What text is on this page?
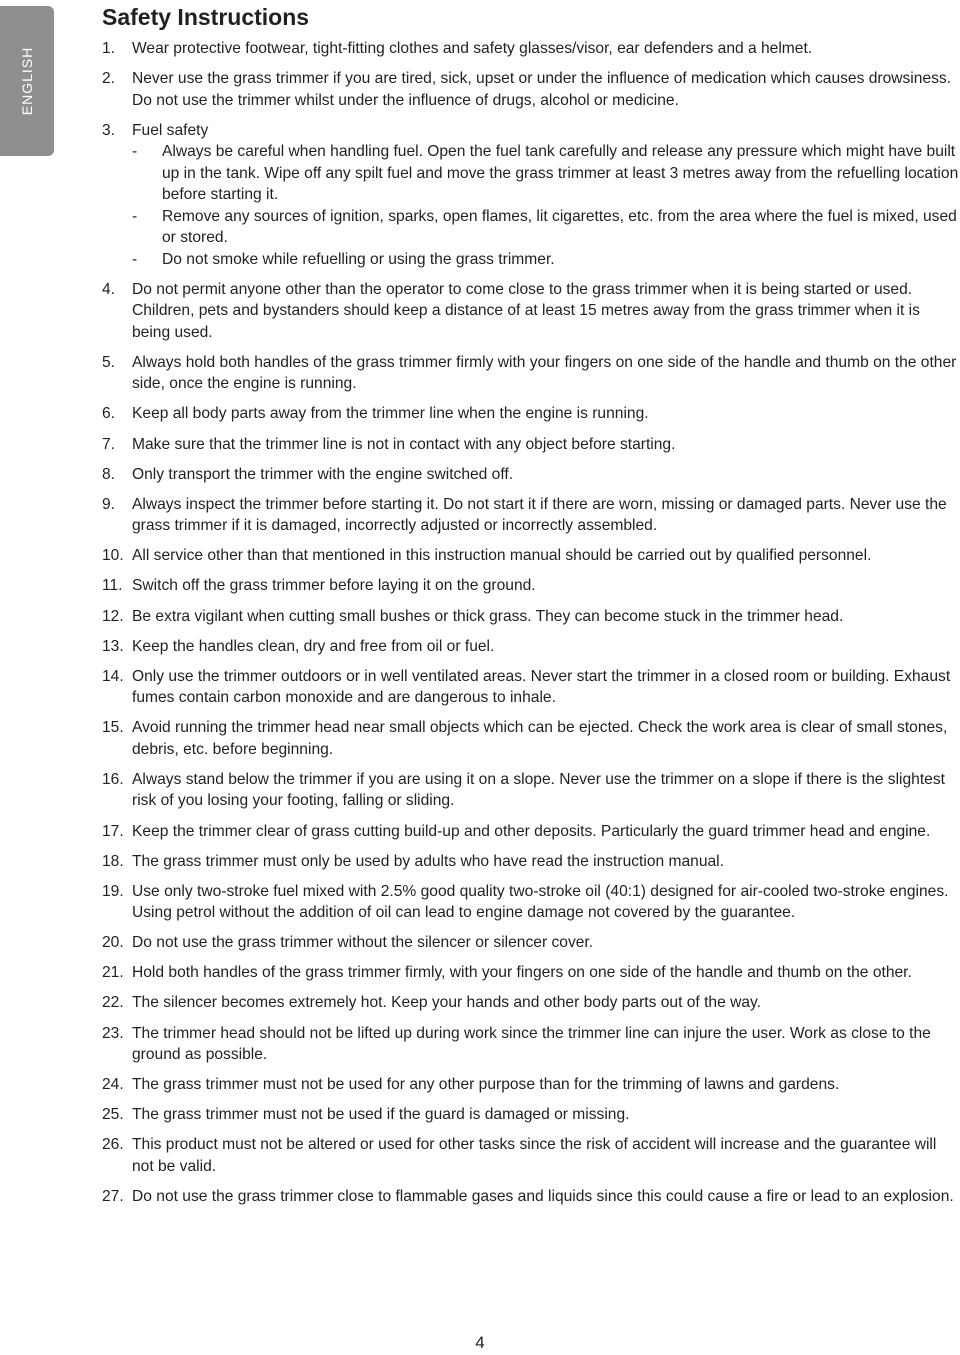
ENGLISH
Safety Instructions
1. Wear protective footwear, tight-fitting clothes and safety glasses/visor, ear defenders and a helmet.
2. Never use the grass trimmer if you are tired, sick, upset or under the influence of medication which causes drowsiness. Do not use the trimmer whilst under the influence of drugs, alcohol or medicine.
3. Fuel safety
- Always be careful when handling fuel. Open the fuel tank carefully and release any pressure which might have built up in the tank. Wipe off any spilt fuel and move the grass trimmer at least 3 metres away from the refuelling location before starting it.
- Remove any sources of ignition, sparks, open flames, lit cigarettes, etc. from the area where the fuel is mixed, used or stored.
- Do not smoke while refuelling or using the grass trimmer.
4. Do not permit anyone other than the operator to come close to the grass trimmer when it is being started or used. Children, pets and bystanders should keep a distance of at least 15 metres away from the grass trimmer when it is being used.
5. Always hold both handles of the grass trimmer firmly with your fingers on one side of the handle and thumb on the other side, once the engine is running.
6. Keep all body parts away from the trimmer line when the engine is running.
7. Make sure that the trimmer line is not in contact with any object before starting.
8. Only transport the trimmer with the engine switched off.
9. Always inspect the trimmer before starting it. Do not start it if there are worn, missing or damaged parts. Never use the grass trimmer if it is damaged, incorrectly adjusted or incorrectly assembled.
10. All service other than that mentioned in this instruction manual should be carried out by qualified personnel.
11. Switch off the grass trimmer before laying it on the ground.
12. Be extra vigilant when cutting small bushes or thick grass. They can become stuck in the trimmer head.
13. Keep the handles clean, dry and free from oil or fuel.
14. Only use the trimmer outdoors or in well ventilated areas. Never start the trimmer in a closed room or building. Exhaust fumes contain carbon monoxide and are dangerous to inhale.
15. Avoid running the trimmer head near small objects which can be ejected. Check the work area is clear of small stones, debris, etc. before beginning.
16. Always stand below the trimmer if you are using it on a slope. Never use the trimmer on a slope if there is the slightest risk of you losing your footing, falling or sliding.
17. Keep the trimmer clear of grass cutting build-up and other deposits. Particularly the guard trimmer head and engine.
18. The grass trimmer must only be used by adults who have read the instruction manual.
19. Use only two-stroke fuel mixed with 2.5% good quality two-stroke oil (40:1) designed for air-cooled two-stroke engines. Using petrol without the addition of oil can lead to engine damage not covered by the guarantee.
20. Do not use the grass trimmer without the silencer or silencer cover.
21. Hold both handles of the grass trimmer firmly, with your fingers on one side of the handle and thumb on the other.
22. The silencer becomes extremely hot. Keep your hands and other body parts out of the way.
23. The trimmer head should not be lifted up during work since the trimmer line can injure the user. Work as close to the ground as possible.
24. The grass trimmer must not be used for any other purpose than for the trimming of lawns and gardens.
25. The grass trimmer must not be used if the guard is damaged or missing.
26. This product must not be altered or used for other tasks since the risk of accident will increase and the guarantee will not be valid.
27. Do not use the grass trimmer close to flammable gases and liquids since this could cause a fire or lead to an explosion.
4
